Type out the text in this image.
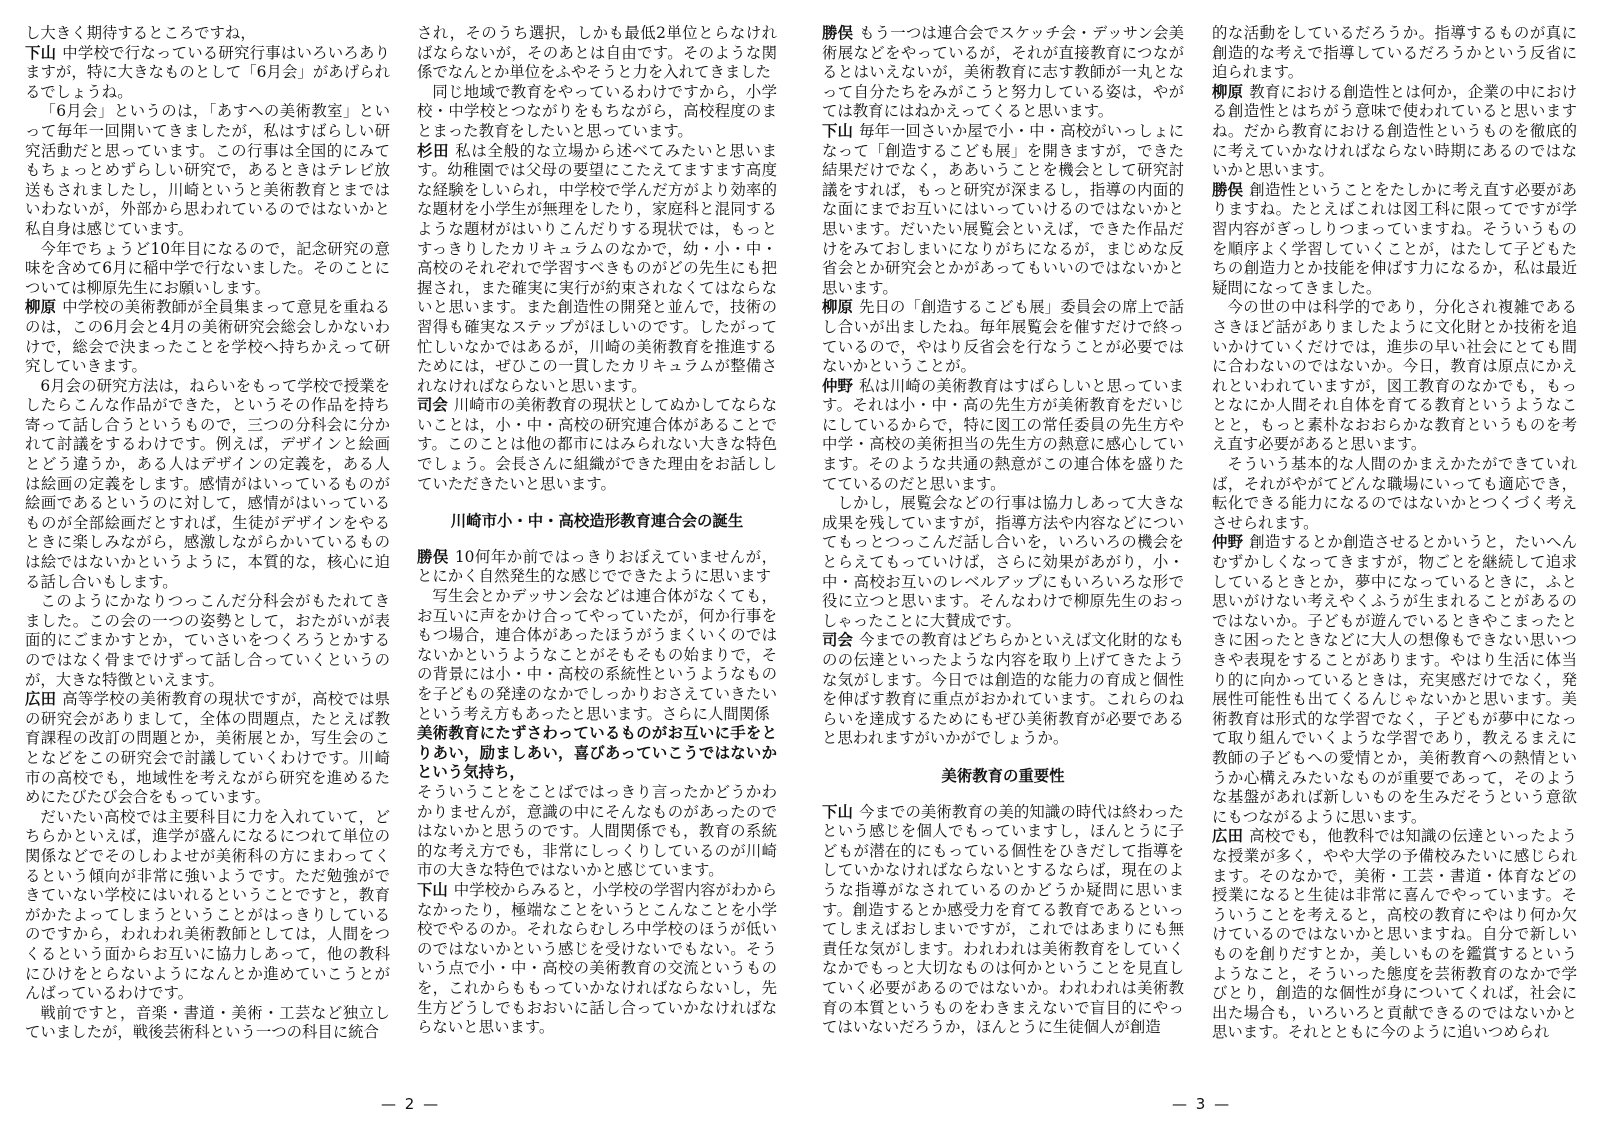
し大きく期待するところですね，

下山 中学校で行なっている研究行事はいろいろありますが，特に大きなものとして「6月会」があげられるでしょうね。

「6月会」というのは，「あすへの美術教室」といって毎年一回開いてきましたが，私はすばらしい研究活動だと思っています。この行事は全国的にみてもちょっとめずらしい研究で，あるときはテレビ放送もされましたし，川崎というと美術教育とまではいわないが，外部から思われているのではないかと私自身は感じています。

今年でちょうど10年目になるので，記念研究の意味を含めて6月に稲中学で行ないました。そのことについては柳原先生にお願いします。

柳原 中学校の美術教師が全員集まって意見を重ねるのは，この6月会と4月の美術研究会総会しかないわけで，総会で決まったことを学校へ持ちかえって研究していきます。

6月会の研究方法は，ねらいをもって学校で授業をしたらこんな作品ができた，というその作品を持ち寄って話し合うというもので，三つの分科会に分かれて討議をするわけです。例えば，デザインと絵画とどう違うか，ある人はデザインの定義を，ある人は絵画の定義をします。感情がはいっているものが絵画であるというのに対して，感情がはいっているものが全部絵画だとすれば，生徒がデザインをやるときに楽しみながら，感激しながらかいているものは絵ではないかというように，本質的な，核心に迫る話し合いもします。

このようにかなりつっこんだ分科会がもたれてきました。この会の一つの姿勢として，おたがいが表面的にごまかすとか，ていさいをつくろうとかするのではなく骨までけずって話し合っていくというのが，大きな特徴といえます。

広田 高等学校の美術教育の現状ですが，高校では県の研究会がありまして，全体の問題点，たとえば教育課程の改訂の問題とか，美術展とか，写生会のことなどをこの研究会で討議していくわけです。川崎市の高校でも，地域性を考えながら研究を進めるためにたびたび会合をもっています。

だいたい高校では主要科目に力を入れていて，どちらかといえば，進学が盛んになるにつれて単位の関係などでそのしわよせが美術科の方にまわってくるという傾向が非常に強いようです。ただ勉強ができていない学校にはいれるということですと，教育がかたよってしまうということがはっきりしているのですから，われわれ美術教師としては，人間をつくるという面からお互いに協力しあって，他の教科にひけをとらないようになんとか進めていこうとがんばっているわけです。

戦前ですと，音楽・書道・美術・工芸など独立していましたが，戦後芸術科という一つの科目に統合

され，そのうち選択，しかも最低2単位とらなければならないが，そのあとは自由です。そのような関係でなんとか単位をふやそうと力を入れてきました

同じ地域で教育をやっているわけですから，小学校・中学校とつながりをもちながら，高校程度のまとまった教育をしたいと思っています。

杉田 私は全般的な立場から述べてみたいと思います。幼稚園では父母の要望にこたえてますます高度な経験をしいられ，中学校で学んだ方がより効率的な題材を小学生が無理をしたり，家庭科と混同するような題材がはいりこんだりする現状では，もっとすっきりしたカリキュラムのなかで，幼・小・中・高校のそれぞれで学習すべきものがどの先生にも把握され，また確実に実行が約束されなくてはならないと思います。また創造性の開発と並んで，技術の習得も確実なステップがほしいのです。したがって忙しいなかではあるが，川崎の美術教育を推進するためには，ぜひこの一貫したカリキュラムが整備されなければならないと思います。

司会 川崎市の美術教育の現状としてぬかしてならないことは，小・中・高校の研究連合体があることです。このことは他の都市にはみられない大きな特色でしょう。会長さんに組織ができた理由をお話ししていただきたいと思います。

川崎市小・中・高校造形教育連合会の誕生

勝俣 10何年か前ではっきりおぼえていませんが，とにかく自然発生的な感じでできたように思います

写生会とかデッサン会などは連合体がなくても，お互いに声をかけ合ってやっていたが，何か行事をもつ場合，連合体があったほうがうまくいくのではないかというようなことがそもそもの始まりで，その背景には小・中・高校の系統性というようなものを子どもの発達のなかでしっかりおさえていきたいという考え方もあったと思います。さらに人間関係

美術教育にたずさわっているものがお互いに手をとりあい，励ましあい，喜びあっていこうではないかという気持ち，

そういうことをことばではっきり言ったかどうかわかりませんが，意識の中にそんなものがあったのではないかと思うのです。人間関係でも，教育の系統的な考え方でも，非常にしっくりしているのが川崎市の大きな特色ではないかと感じています。

下山 中学校からみると，小学校の学習内容がわからなかったり，極端なことをいうとこんなことを小学校でやるのか。それならむしろ中学校のほうが低いのではないかという感じを受けないでもない。そういう点で小・中・高校の美術教育の交流というものを，これからももっていかなければならないし，先生方どうしでもおおいに話し合っていかなければならないと思います。

勝俣 もう一つは連合会でスケッチ会・デッサン会美術展などをやっているが，それが直接教育につながるとはいえないが，美術教育に志す教師が一丸となって自分たちをみがこうと努力している姿は，やがては教育にはねかえってくると思います。

下山 毎年一回さいか屋で小・中・高校がいっしょになって「創造するこども展」を開きますが，できた結果だけでなく，ああいうことを機会として研究討議をすれば，もっと研究が深まるし，指導の内面的な面にまでお互いにはいっていけるのではないかと思います。だいたい展覧会といえば，できた作品だけをみておしまいになりがちになるが，まじめな反省会とか研究会とかがあってもいいのではないかと思います。

柳原 先日の「創造するこども展」委員会の席上で話し合いが出ましたね。毎年展覧会を催すだけで終っているので，やはり反省会を行なうことが必要ではないかということが。

仲野 私は川崎の美術教育はすばらしいと思っています。それは小・中・高の先生方が美術教育をだいじにしているからで，特に図工の常任委員の先生方や中学・高校の美術担当の先生方の熱意に感心しています。そのような共通の熱意がこの連合体を盛りたてているのだと思います。

しかし，展覧会などの行事は協力しあって大きな成果を残していますが，指導方法や内容などについてもっとつっこんだ話し合いを，いろいろの機会をとらえてもっていけば，さらに効果があがり，小・中・高校お互いのレベルアップにもいろいろな形で役に立つと思います。そんなわけで柳原先生のおっしゃったことに大賛成です。

司会 今までの教育はどちらかといえば文化財的なものの伝達といったような内容を取り上げてきたような気がします。今日では創造的な能力の育成と個性を伸ばす教育に重点がおかれています。これらのねらいを達成するためにもぜひ美術教育が必要であると思われますがいかがでしょうか。

美術教育の重要性

下山 今までの美術教育の美的知識の時代は終わったという感じを個人でもっていますし，ほんとうに子どもが潜在的にもっている個性をひきだして指導をしていかなければならないとするならば，現在のような指導がなされているのかどうか疑問に思います。創造するとか感受力を育てる教育であるといってしまえばおしまいですが，これではあまりにも無責任な気がします。われわれは美術教育をしていくなかでもっと大切なものは何かということを見直していく必要があるのではないか。われわれは美術教育の本質というものをわきまえないで盲目的にやってはいないだろうか，ほんとうに生徒個人が創造

的な活動をしているだろうか。指導するものが真に創造的な考えで指導しているだろうかという反省に迫られます。

柳原 教育における創造性とは何か，企業の中における創造性とはちがう意味で使われていると思いますね。だから教育における創造性というものを徹底的に考えていかなければならない時期にあるのではないかと思います。

勝俣 創造性ということをたしかに考え直す必要がありますね。たとえばこれは図工科に限ってですが学習内容がぎっしりつまっていますね。そういうものを順序よく学習していくことが，はたして子どもたちの創造力とか技能を伸ばす力になるか，私は最近疑問になってきました。

今の世の中は科学的であり，分化され複雑であるさきほど話がありましたように文化財とか技術を追いかけていくだけでは，進歩の早い社会にとても間に合わないのではないか。今日，教育は原点にかえれといわれていますが，図工教育のなかでも，もっとなにか人間それ自体を育てる教育というようなことと，もっと素朴なおおらかな教育というものを考え直す必要があると思います。

そういう基本的な人間のかまえかたができていれば，それがやがてどんな職場にいっても適応でき，転化できる能力になるのではないかとつくづく考えさせられます。

仲野 創造するとか創造させるとかいうと，たいへんむずかしくなってきますが，物ごとを継続して追求しているときとか，夢中になっているときに，ふと思いがけない考えやくふうが生まれることがあるのではないか。子どもが遊んでいるときやこまったときに困ったときなどに大人の想像もできない思いつきや表現をすることがあります。やはり生活に体当り的に向かっているときは，充実感だけでなく，発展性可能性も出てくるんじゃないかと思います。美術教育は形式的な学習でなく，子どもが夢中になって取り組んでいくような学習であり，教えるまえに教師の子どもへの愛情とか，美術教育への熱情というか心構えみたいなものが重要であって，そのような基盤があれば新しいものを生みだそうという意欲にもつながるように思います。

広田 高校でも，他教科では知識の伝達といったような授業が多く，やや大学の予備校みたいに感じられます。そのなかで，美術・工芸・書道・体育などの授業になると生徒は非常に喜んでやっています。そういうことを考えると，高校の教育にやはり何か欠けているのではないかと思いますね。自分で新しいものを創りだすとか，美しいものを鑑賞するというようなこと，そういった態度を芸術教育のなかで学びとり，創造的な個性が身についてくれば，社会に出た場合も，いろいろと貢献できるのではないかと思います。それとともに今のように追いつめられ

— 2 —	— 3 —
